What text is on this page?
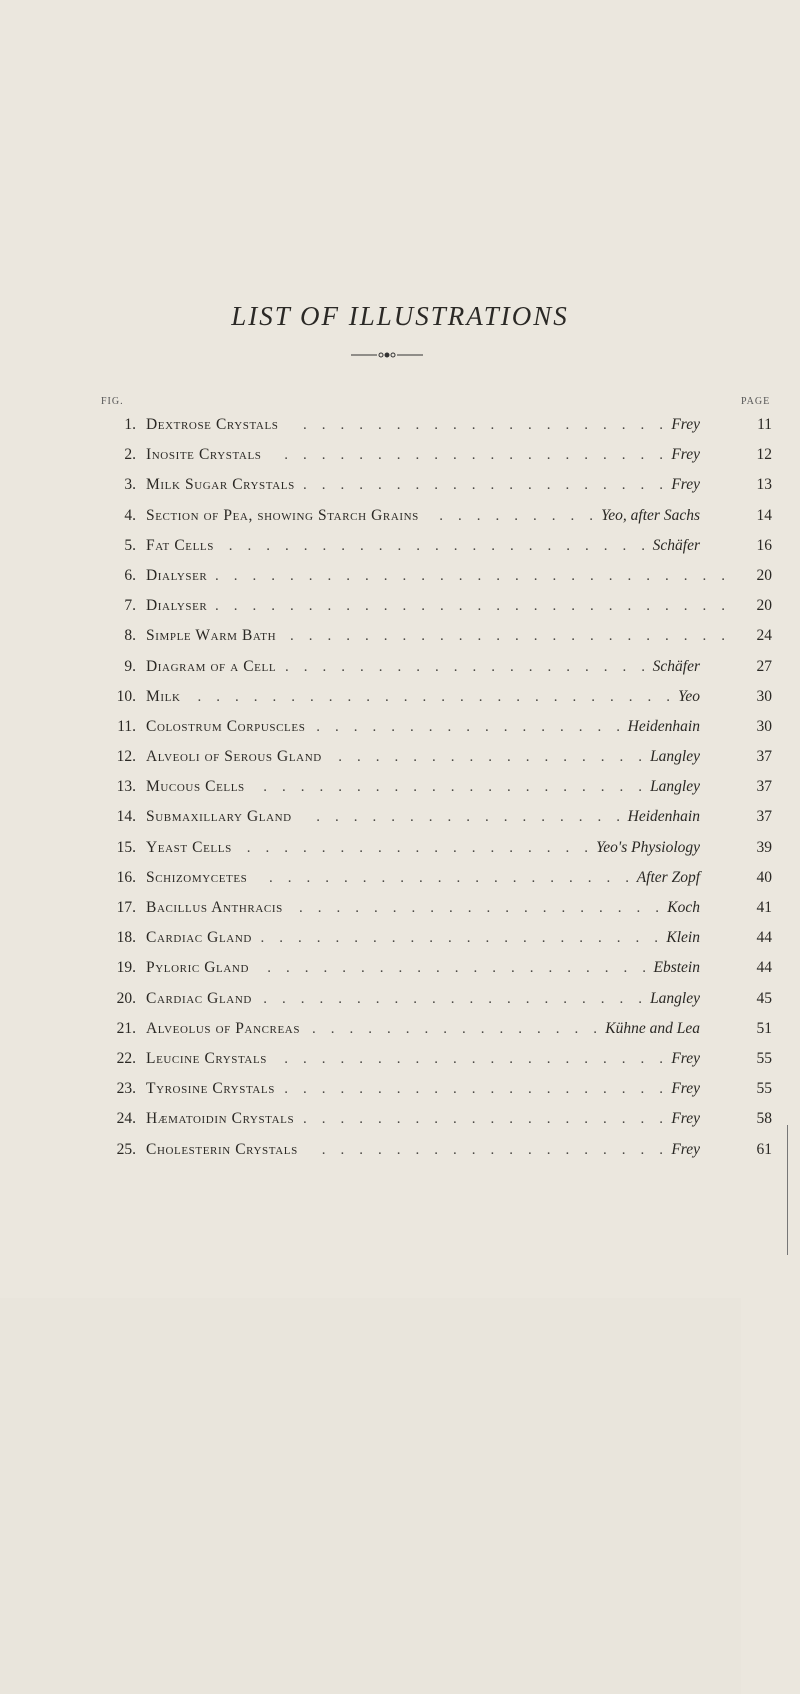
LIST OF ILLUSTRATIONS
FIG.	PAGE
1. Dextrose Crystals	.    .    .    .    .    .    .    .    .    .    .    .    .    .    .    .    .    .    .    . Frey	11
2. Inosite Crystals	.    .    .    .    .    .    .    .    .    .    .    .    .    .    .    .    .    .    .    .    . Frey	12
3. Milk Sugar Crystals .    .    .    .    .    .    .    .    .    .    .    .    .    .    .    .    .    .    .    . Frey	13
4. Section of Pea, showing Starch Grains	.    .    .    .    .    .    .    .    . Yeo, after Sachs	14
5. Fat Cells .    .    .    .    .    .    .    .    .    .    .    .    .    .    .    .    .    .    .    .    .    .    . Schäfer	16
6. Dialyser .    .    .    .    .    .    .    .    .    .    .    .    .    .    .    .    .    .    .    .    .    .    .    .    .    .    .    .	20
7. Dialyser .    .    .    .    .    .    .    .    .    .    .    .    .    .    .    .    .    .    .    .    .    .    .    .    .    .    .    .	20
8. Simple Warm Bath .    .    .    .    .    .    .    .    .    .    .    .    .    .    .    .    .    .    .    .    .    .    .    .	24
9. Diagram of a Cell .    .    .    .    .    .    .    .    .    .    .    .    .    .    .    .    .    .    .    . Schäfer	27
10. Milk	.    .    .    .    .    .    .    .    .    .    .    .    .    .    .    .    .    .    .    .    .    .    .    .    .    . Yeo	30
11. Colostrum Corpuscles .    .    .    .    .    .    .    .    .    .    .    .    .    .    .    .    . Heidenhain	30
12. Alveoli of Serous Gland	.    .    .    .    .    .    .    .    .    .    .    .    .    .    .    .    . Langley	37
13. Mucous Cells	.    .    .    .    .    .    .    .    .    .    .    .    .    .    .    .    .    .    .    .    . Langley	37
14. Submaxillary Gland	.    .    .    .    .    .    .    .    .    .    .    .    .    .    .    .    . Heidenhain	37
15. Yeast Cells .    .    .    .    .    .    .    .    .    .    .    .    .    .    .    .    .    .    . Yeo's Physiology	39
16. Schizomycetes	.    .    .    .    .    .    .    .    .    .    .    .    .    .    .    .    .    .    .    . After Zopf	40
17. Bacillus Anthracis	.    .    .    .    .    .    .    .    .    .    .    .    .    .    .    .    .    .    .    . Koch	41
18. Cardiac Gland .    .    .    .    .    .    .    .    .    .    .    .    .    .    .    .    .    .    .    .    .    . Klein	44
19. Pyloric Gland	.    .    .    .    .    .    .    .    .    .    .    .    .    .    .    .    .    .    .    .    . Ebstein	44
20. Cardiac Gland .    .    .    .    .    .    .    .    .    .    .    .    .    .    .    .    .    .    .    .    . Langley	45
21. Alveolus of Pancreas .    .    .    .    .    .    .    .    .    .    .    .    .    .    .    . Kühne and Lea	51
22. Leucine Crystals	.    .    .    .    .    .    .    .    .    .    .    .    .    .    .    .    .    .    .    .    . Frey	55
23. Tyrosine Crystals .    .    .    .    .    .    .    .    .    .    .    .    .    .    .    .    .    .    .    .    . Frey	55
24. Hæmatoidin Crystals .    .    .    .    .    .    .    .    .    .    .    .    .    .    .    .    .    .    .    . Frey	58
25. Cholesterin Crystals	.    .    .    .    .    .    .    .    .    .    .    .    .    .    .    .    .    .    . Frey	61
